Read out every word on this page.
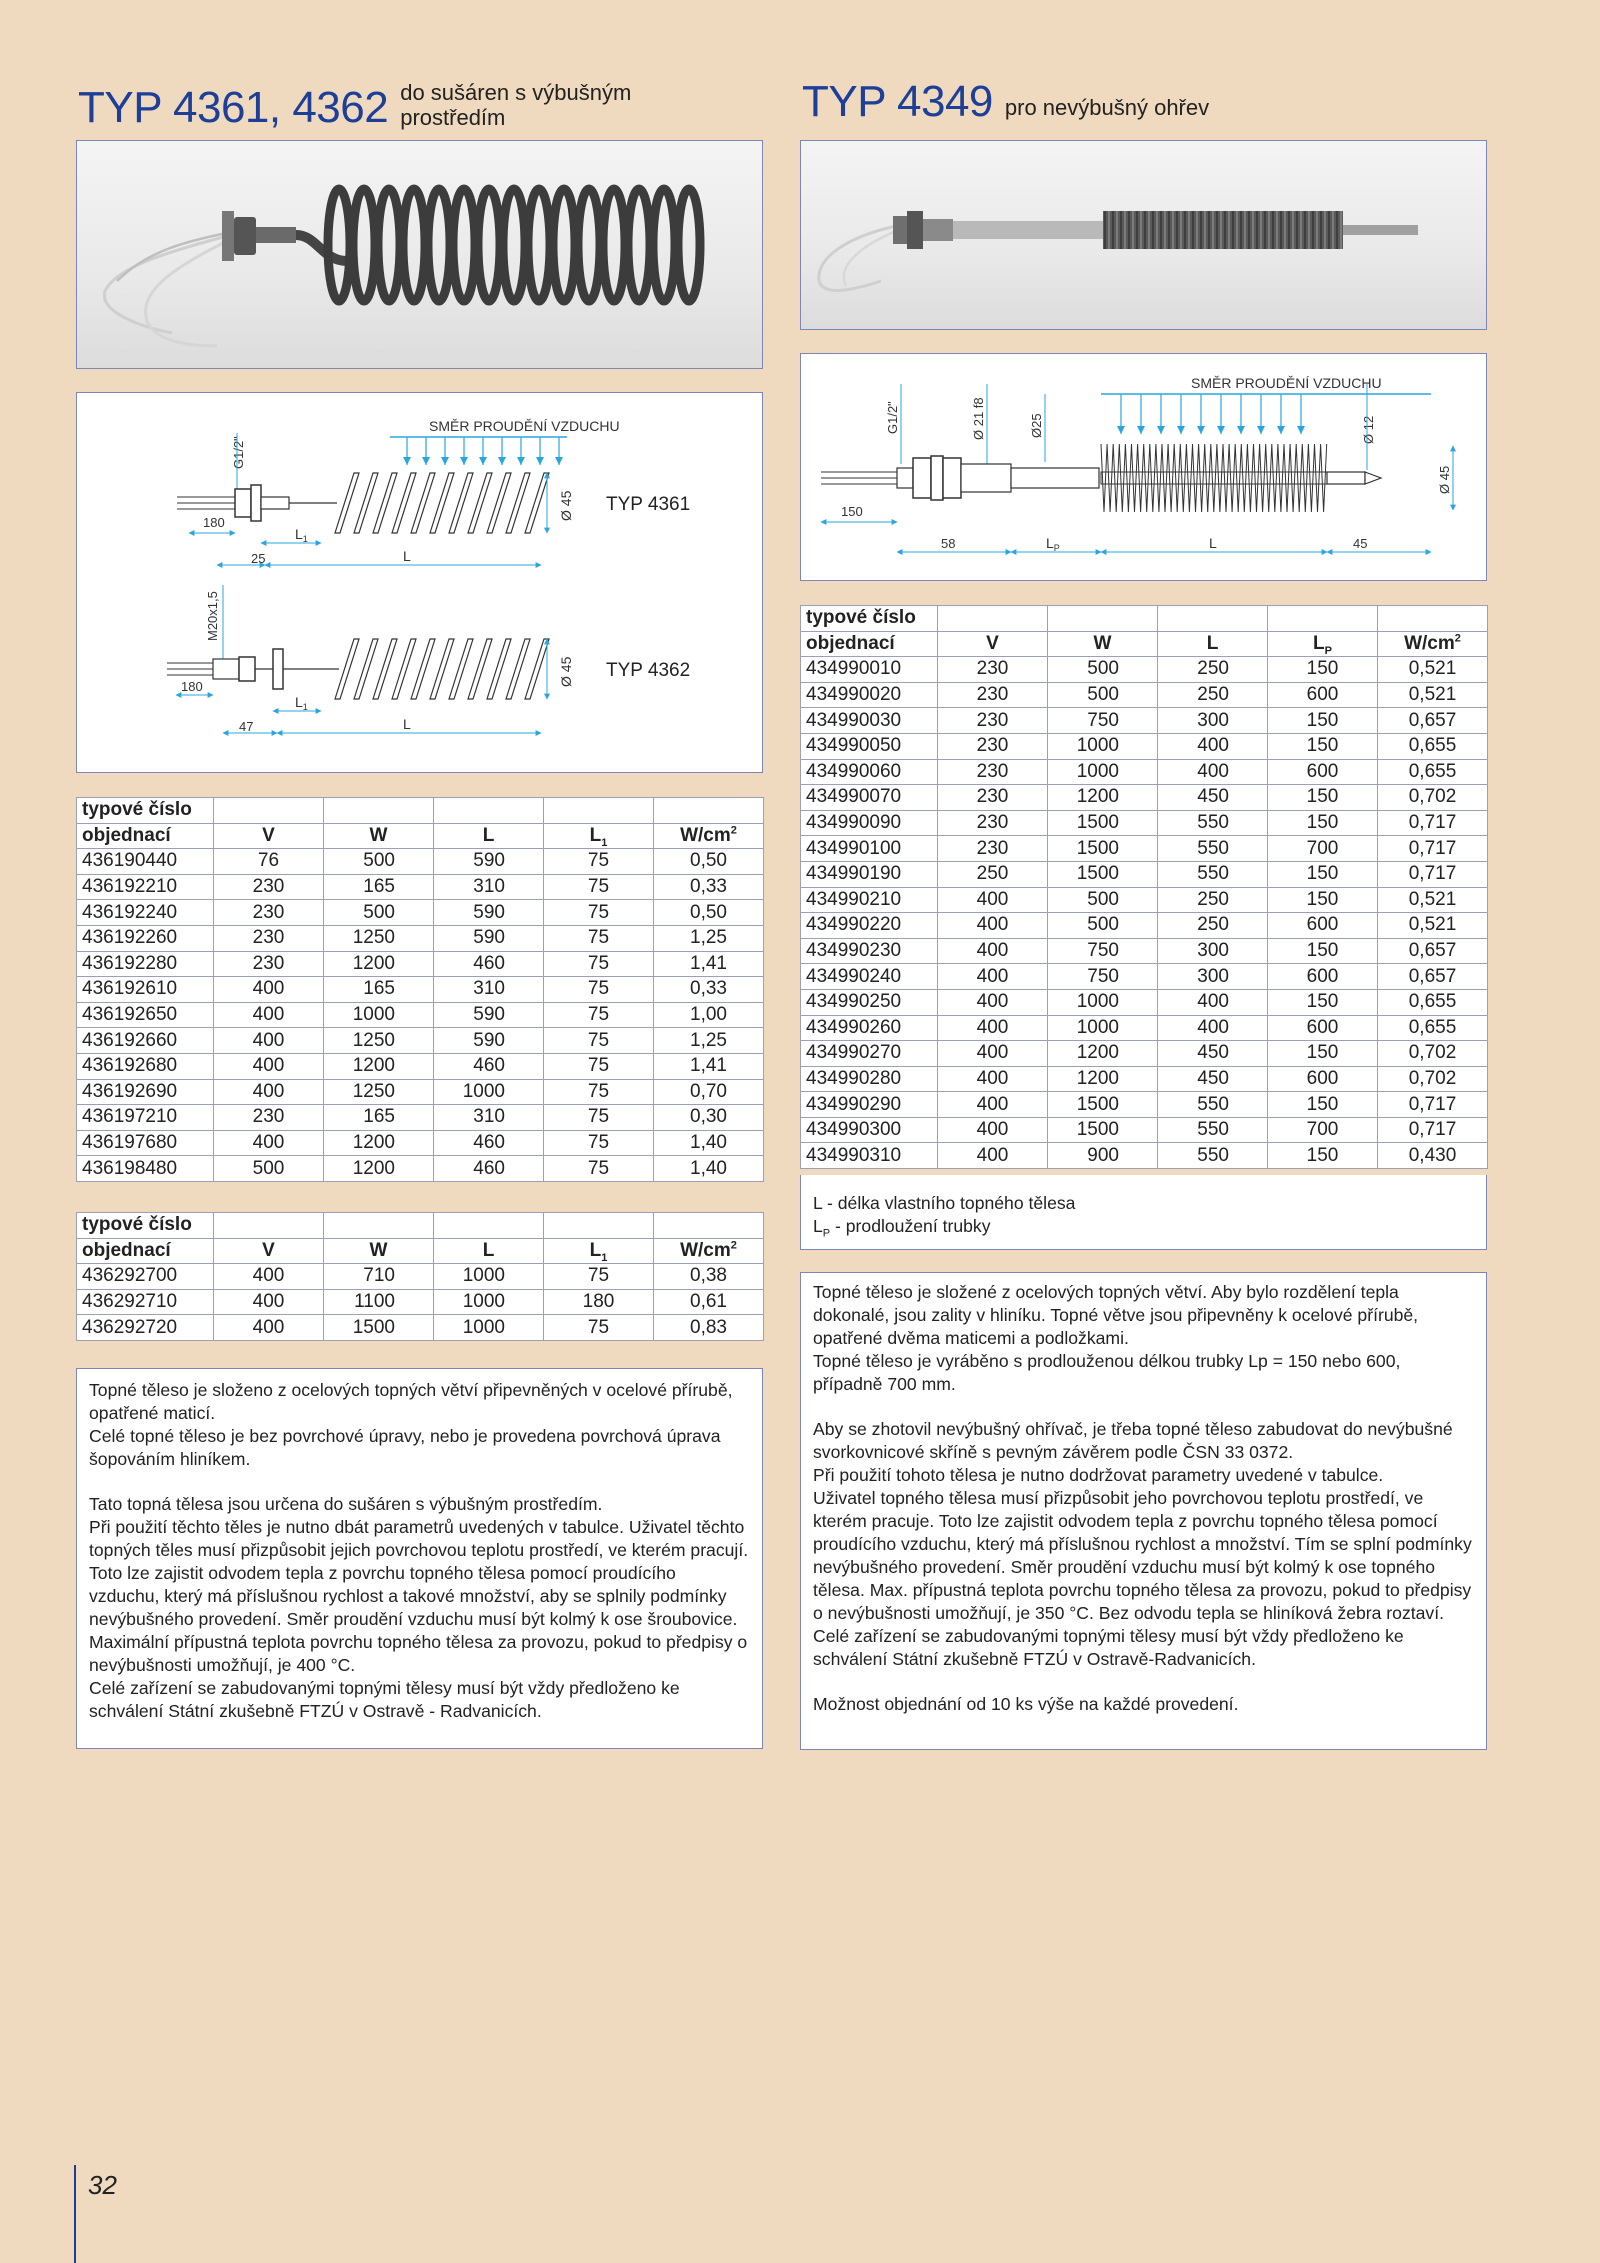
TYP 4361, 4362 do sušáren s výbušným
prostředím
SMĚR PROUDĚNÍ VZDUCHU
G1/2"
Ø 45 TYP 4361
180
$L_1$
25	L
M20x1,5
Ø 45 TYP 4362
180
$L_1$
47	L
typové číslo					
objednací	V	W	L	$L_1$	$W/cm^2$
436190440	76	500	590	75	0,50
436192210	230	165	310	75	0,33
436192240	230	500	590	75	0,50
436192260	230	1250	590	75	1,25
436192280	230	1200	460	75	1,41
436192610	400	165	310	75	0,33
436192650	400	1000	590	75	1,00
436192660	400	1250	590	75	1,25
436192680	400	1200	460	75	1,41
436192690	400	1250	1000	75	0,70
436197210	230	165	310	75	0,30
436197680	400	1200	460	75	1,40
436198480	500	1200	460	75	1,40
typové číslo					
objednací	V	W	L	$L_1$	$W/cm^2$
436292700	400	710	1000	75	0,38
436292710	400	1100	1000	180	0,61
436292720	400	1500	1000	75	0,83

Topné těleso je složeno z ocelových topných větví připevněných v ocelové přírubě, opatřené maticí.

Celé topné těleso je bez povrchové úpravy, nebo je provedena povrchová úprava šopováním hliníkem.

Tato topná tělesa jsou určena do sušáren s výbušným prostředím.

Při použití těchto těles je nutno dbát parametrů uvedených v tabulce. Uživatel těchto topných těles musí přizpůsobit jejich povrchovou teplotu prostředí, ve kterém pracují. Toto lze zajistit odvodem tepla z povrchu topného tělesa pomocí proudícího vzduchu, který má příslušnou rychlost a takové množství, aby se splnily podmínky nevýbušného provedení. Směr proudění vzduchu musí být kolmý k ose šroubovice.

Maximální přípustná teplota povrchu topného tělesa za provozu, pokud to předpisy o nevýbušnosti umožňují, je 400 °C.

Celé zařízení se zabudovanými topnými tělesy musí být vždy předloženo ke schválení Státní zkušebně FTZÚ v Ostravě - Radvanicích.

TYP 4349 pro nevýbušný ohřev
SMĚR PROUDĚNÍ VZDUCHU
G1/2"	Ø 21 f8	Ø25	Ø 12
Ø 45
150
58	$L_P$	L	45
typové číslo					
objednací	V	W	L	$L_P$	$W/cm^2$
434990010	230	500	250	150	0,521
434990020	230	500	250	600	0,521
434990030	230	750	300	150	0,657
434990050	230	1000	400	150	0,655
434990060	230	1000	400	600	0,655
434990070	230	1200	450	150	0,702
434990090	230	1500	550	150	0,717
434990100	230	1500	550	700	0,717
434990190	250	1500	550	150	0,717
434990210	400	500	250	150	0,521
434990220	400	500	250	600	0,521
434990230	400	750	300	150	0,657
434990240	400	750	300	600	0,657
434990250	400	1000	400	150	0,655
434990260	400	1000	400	600	0,655
434990270	400	1200	450	150	0,702
434990280	400	1200	450	600	0,702
434990290	400	1500	550	150	0,717
434990300	400	1500	550	700	0,717
434990310	400	900	550	150	0,430
L - délka vlastního topného tělesa
$L_P$ - prodloužení trubky

Topné těleso je složené z ocelových topných větví. Aby bylo rozdělení tepla dokonalé, jsou zality v hliníku. Topné větve jsou připevněny k ocelové přírubě, opatřené dvěma maticemi a podložkami.

Topné těleso je vyráběno s prodlouženou délkou trubky Lp = 150 nebo 600, případně 700 mm.

Aby se zhotovil nevýbušný ohřívač, je třeba topné těleso zabudovat do nevýbušné svorkovnicové skříně s pevným závěrem podle ČSN 33 0372.

Při použití tohoto tělesa je nutno dodržovat parametry uvedené v tabulce.

Uživatel topného tělesa musí přizpůsobit jeho povrchovou teplotu prostředí, ve kterém pracuje. Toto lze zajistit odvodem tepla z povrchu topného tělesa pomocí proudícího vzduchu, který má příslušnou rychlost a množství. Tím se splní podmínky nevýbušného provedení. Směr proudění vzduchu musí být kolmý k ose topného tělesa. Max. přípustná teplota povrchu topného tělesa za provozu, pokud to předpisy o nevýbušnosti umožňují, je 350 °C. Bez odvodu tepla se hliníková žebra roztaví.

Celé zařízení se zabudovanými topnými tělesy musí být vždy předloženo ke schválení Státní zkušebně FTZÚ v Ostravě-Radvanicích.

Možnost objednání od 10 ks výše na každé provedení.

32
